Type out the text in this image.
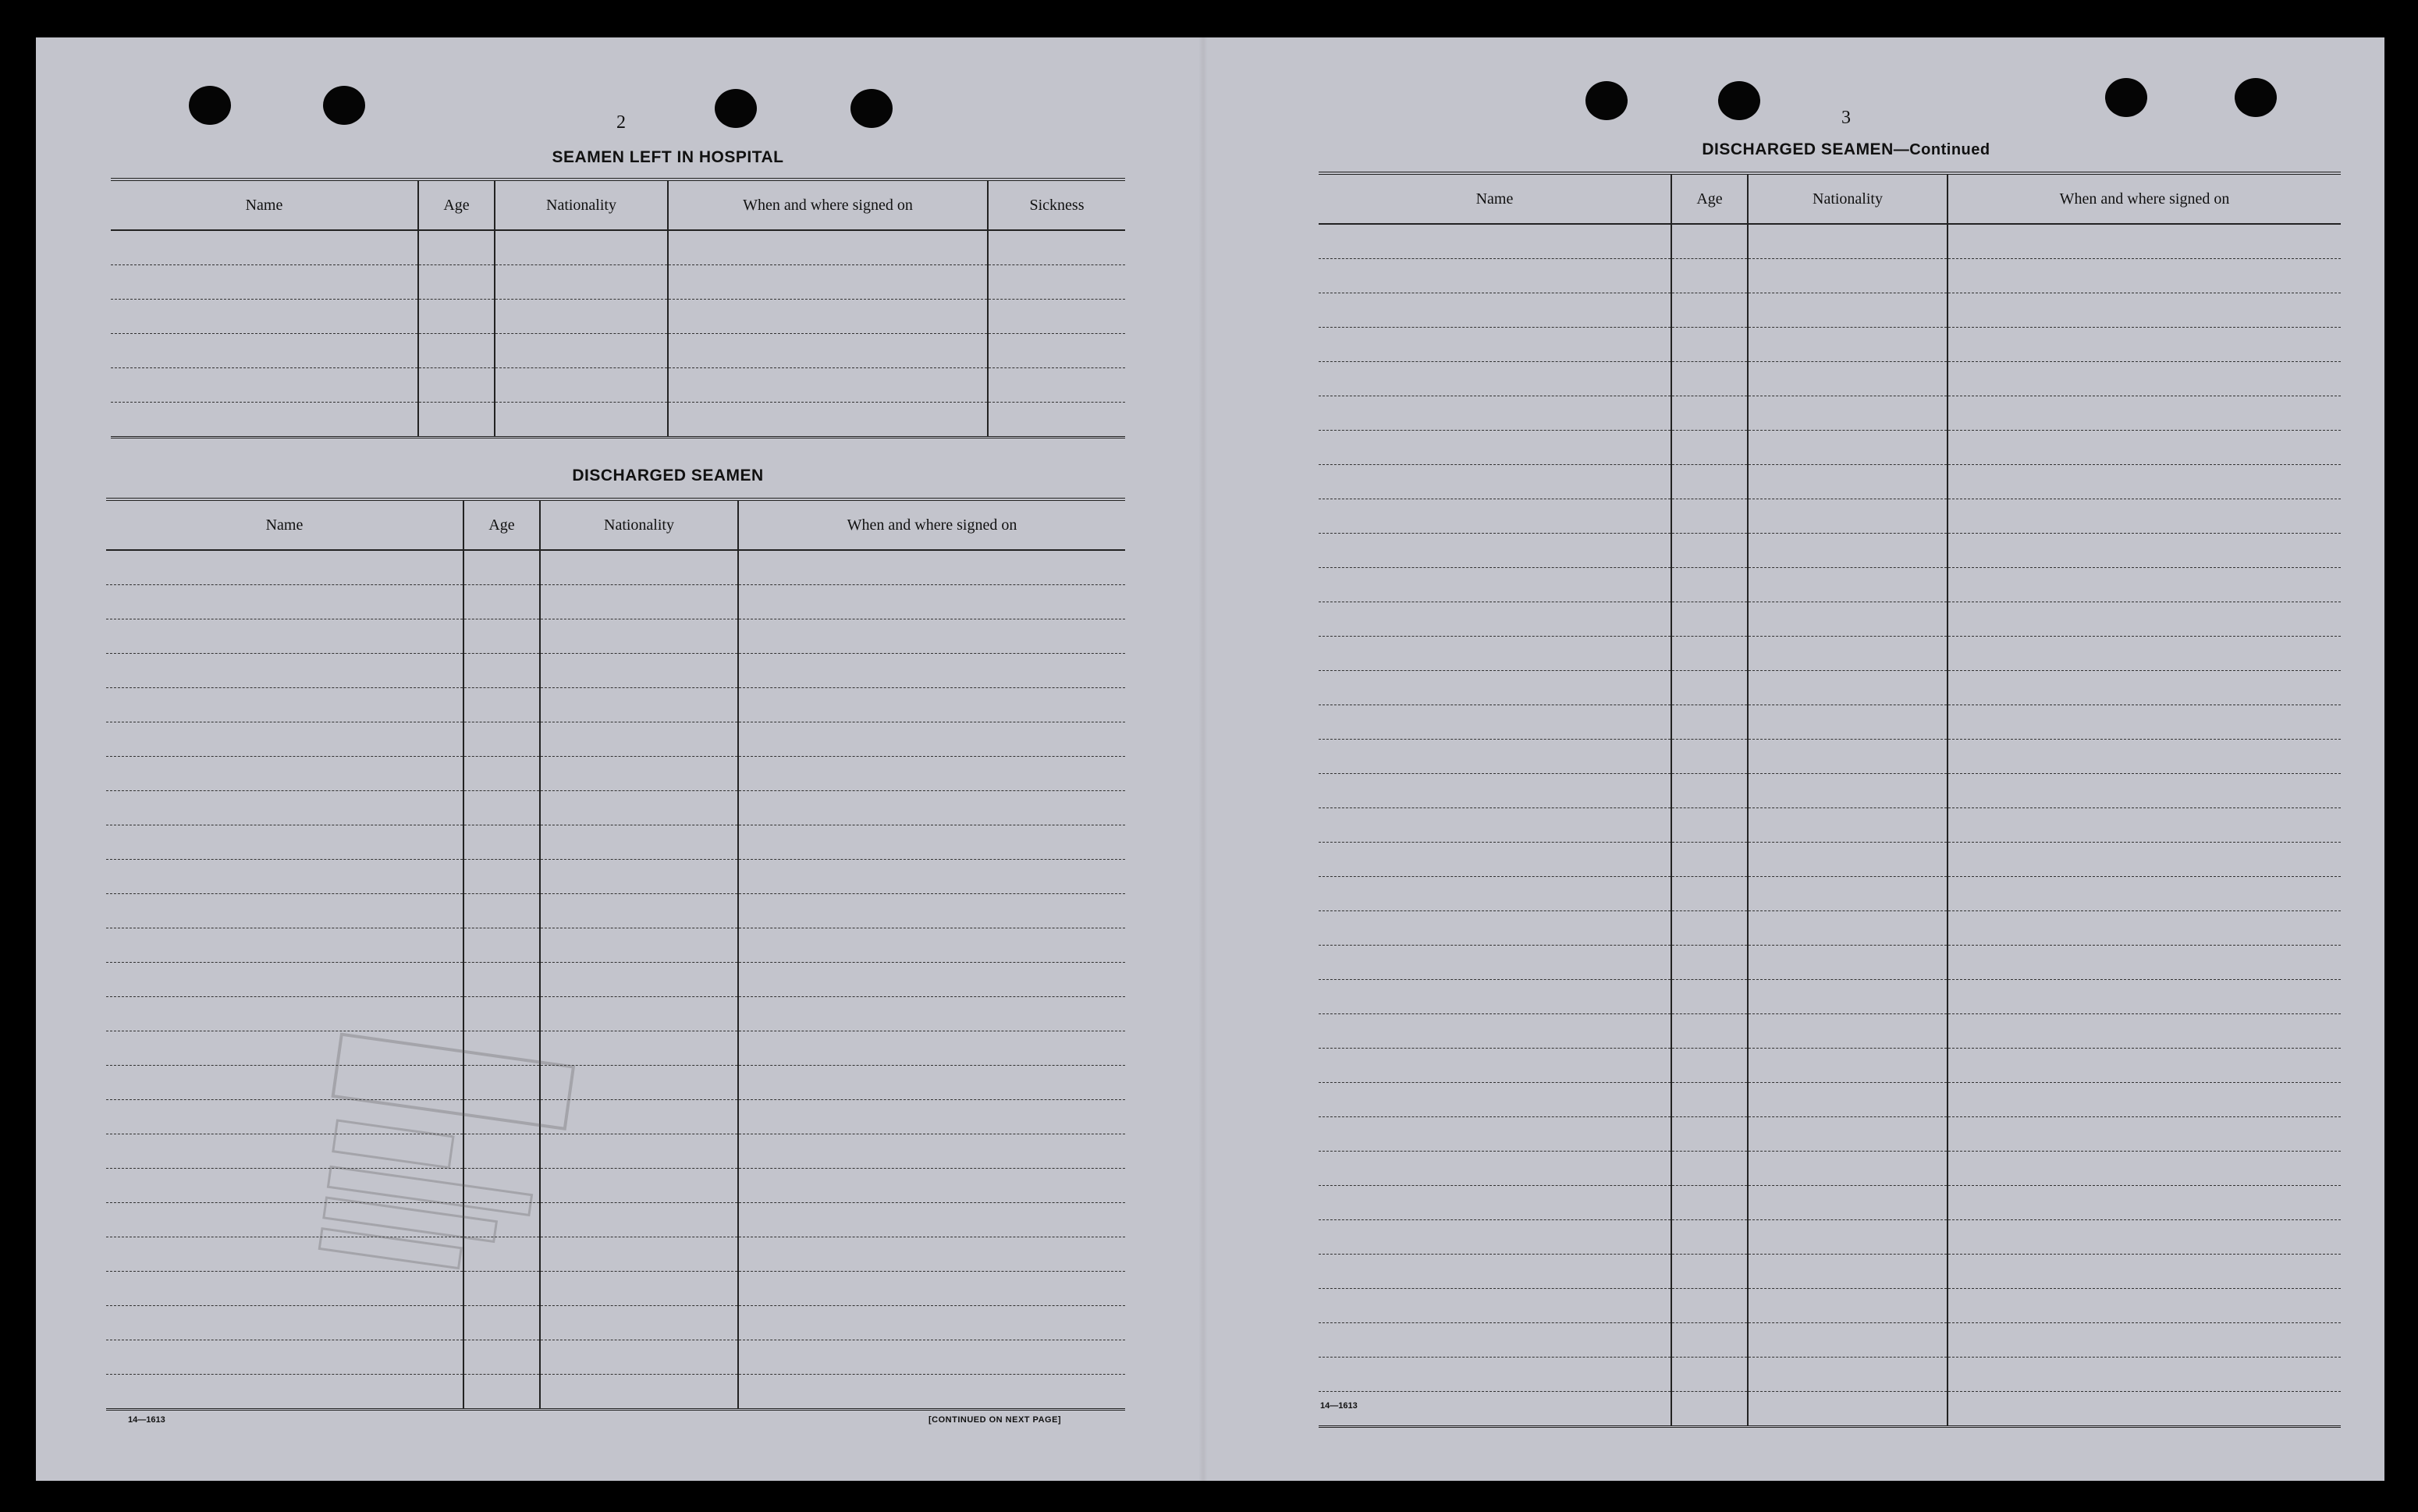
2
SEAMEN LEFT IN HOSPITAL
Name	Age	Nationality	When and where signed on	Sickness

DISCHARGED SEAMEN
Name	Age	Nationality	When and where signed on

14—1613	[CONTINUED ON NEXT PAGE]
3
DISCHARGED SEAMEN—Continued
Name	Age	Nationality	When and where signed on

14—1613
